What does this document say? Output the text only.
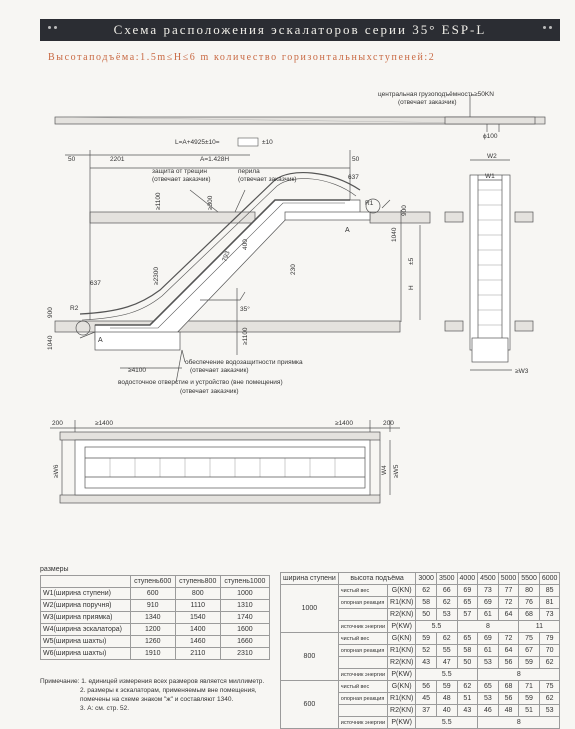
Схема расположения эскалаторов серии 35° ESP-L
Высотаподъёма:1.5m≤H≤6 m количество горизонтальныхступеней:2
центральная грузоподъёмность≥50KN
(отвечает заказчик)
ϕ100
L=A+4925±10=	±10
50	2201	A=1.428H	50
защита от трещин
(отвечает заказчик)
перила
(отвечает заказчик)	637
R1
900
1040
±5
H
A
≥1100	≥300
≥2300
793
400
230
35°
637
R2
900
1040	A	≥1100
обеспечение водозащитности приямка
(отвечает заказчик)
≥4100
водосточное отверстие и устройство (вне помещения)
(отвечает заказчик)
W2
W1
≥W3
200	≥1400	≥1400	200
≥W6	W4 ≥W5
размеры
	ступень600	ступень800	ступень1000
W1(ширина ступени)	600	800	1000
W2(ширина поручня)	910	1110	1310
W3(ширина приямка)	1340	1540	1740
W4(ширина эскалатора)	1200	1400	1600
W5(ширина шахты)	1260	1460	1660
W6(ширина шахты)	1910	2110	2310
ширина ступени	высота подъёма		3000	3500	4000	4500	5000	5500	6000
1000	чистый вес	G(KN)	62	66	69	73	77	80	85
	опорная реакция	R1(KN)	58	62	65	69	72	76	81
		R2(KN)	50	53	57	61	64	68	73
	источник энергии	P(KW)	5.5		8			11	
800	чистый вес	G(KN)	59	62	65	69	72	75	79
	опорная реакция	R1(KN)	52	55	58	61	64	67	70
		R2(KN)	43	47	50	53	56	59	62
	источник энергии	P(KW)	5.5			8			
600	чистый вес	G(KN)	56	59	62	65	68	71	75
	опорная реакция	R1(KN)	45	48	51	53	56	59	62
		R2(KN)	37	40	43	46	48	51	53
	источник энергии	P(KW)	5.5			8			
Примечание: 1. единицей измерения всех размеров является миллиметр.
2. размеры к эскалаторам, применяемым вне помещения,
помечены на схеме знаком "ж" и составляют 1340.
3. А: см. стр. 52.
